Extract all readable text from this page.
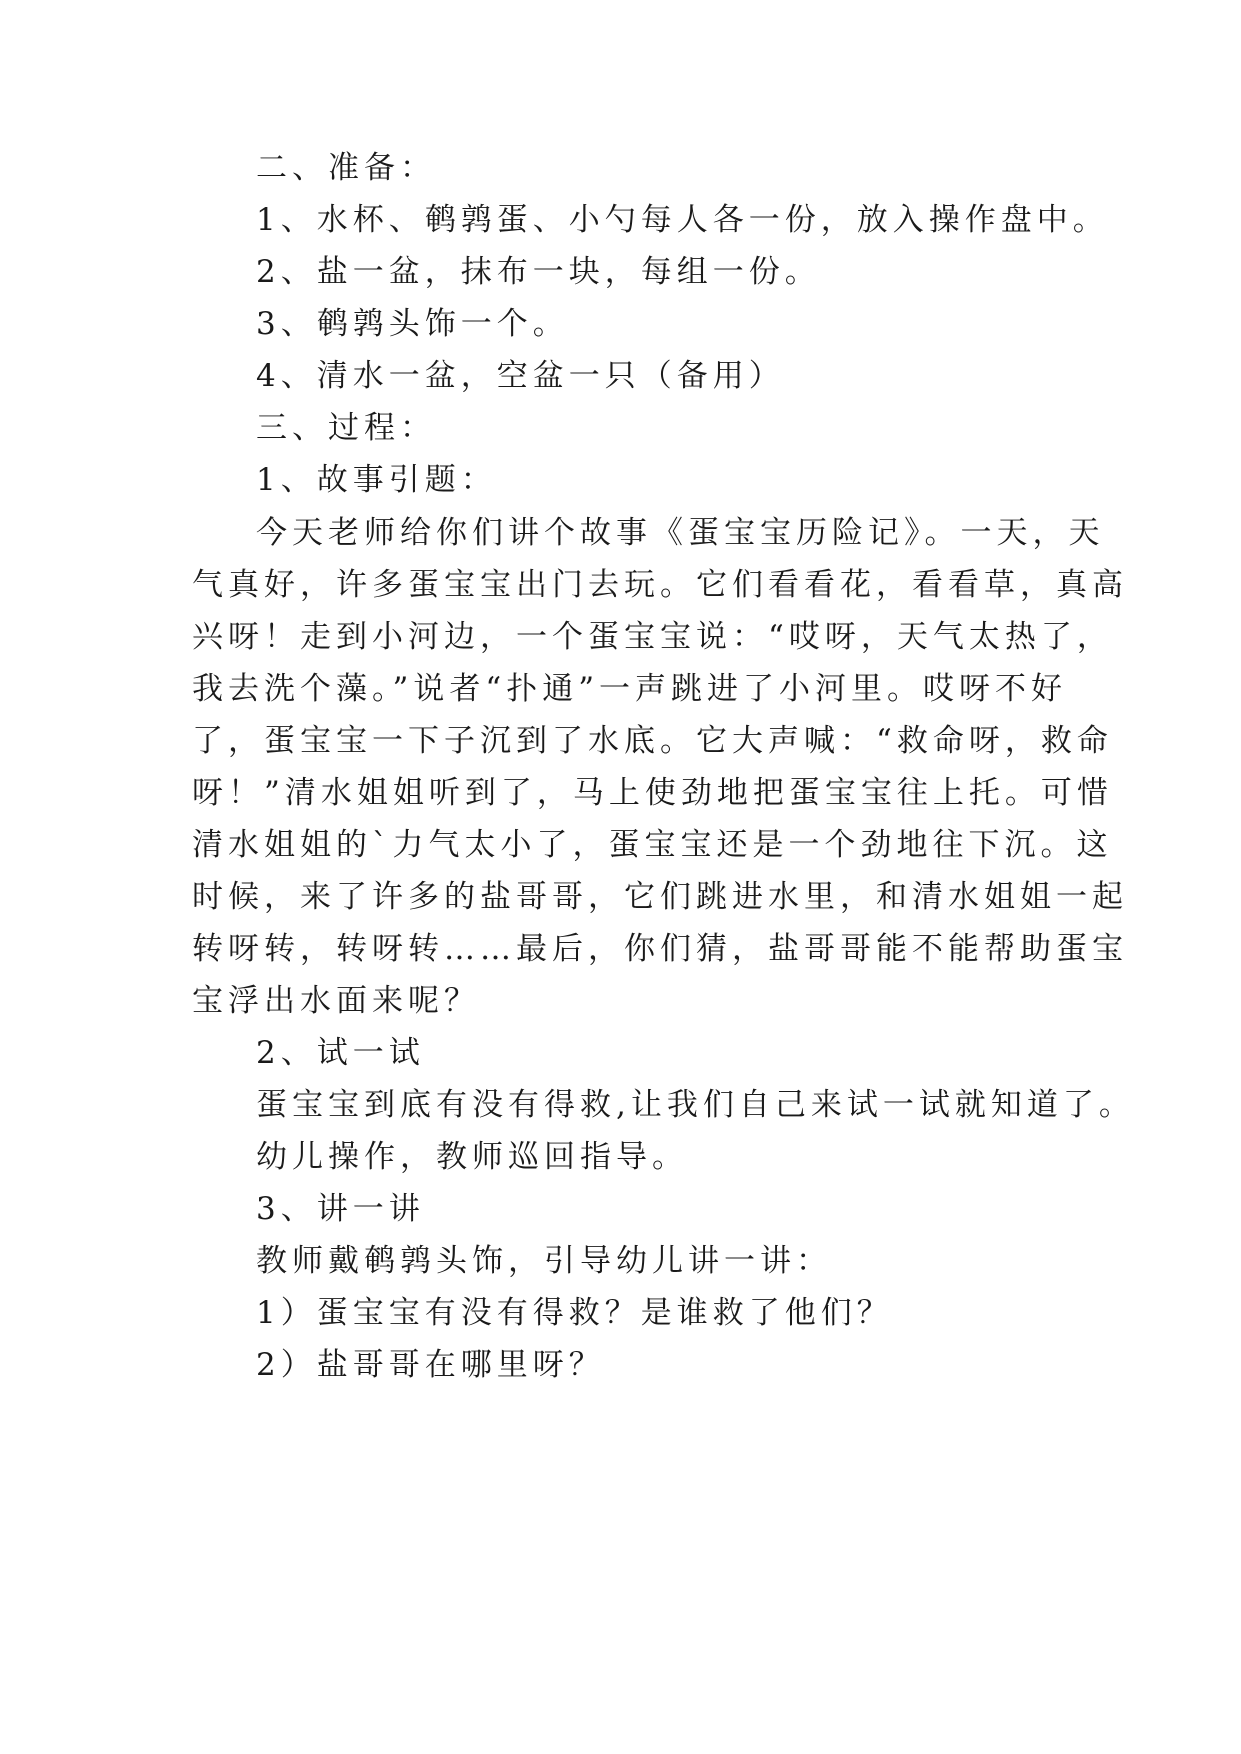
二、准备：
1、水杯、鹌鹑蛋、小勺每人各一份，放入操作盘中。
2、盐一盆，抹布一块，每组一份。
3、鹌鹑头饰一个。
4、清水一盆，空盆一只（备用）
三、过程：
1、故事引题：
今天老师给你们讲个故事《蛋宝宝历险记》。一天，天
气真好，许多蛋宝宝出门去玩。它们看看花，看看草，真高
兴呀！走到小河边，一个蛋宝宝说：“哎呀，天气太热了，
我去洗个藻。”说者“扑通”一声跳进了小河里。哎呀不好
了，蛋宝宝一下子沉到了水底。它大声喊：“救命呀，救命
呀！”清水姐姐听到了，马上使劲地把蛋宝宝往上托。可惜
清水姐姐的`力气太小了，蛋宝宝还是一个劲地往下沉。这
时候，来了许多的盐哥哥，它们跳进水里，和清水姐姐一起
转呀转，转呀转……最后，你们猜，盐哥哥能不能帮助蛋宝
宝浮出水面来呢？
2、试一试
蛋宝宝到底有没有得救,让我们自己来试一试就知道了。
幼儿操作，教师巡回指导。
3、讲一讲
教师戴鹌鹑头饰，引导幼儿讲一讲：
1）蛋宝宝有没有得救？是谁救了他们？
2）盐哥哥在哪里呀？
